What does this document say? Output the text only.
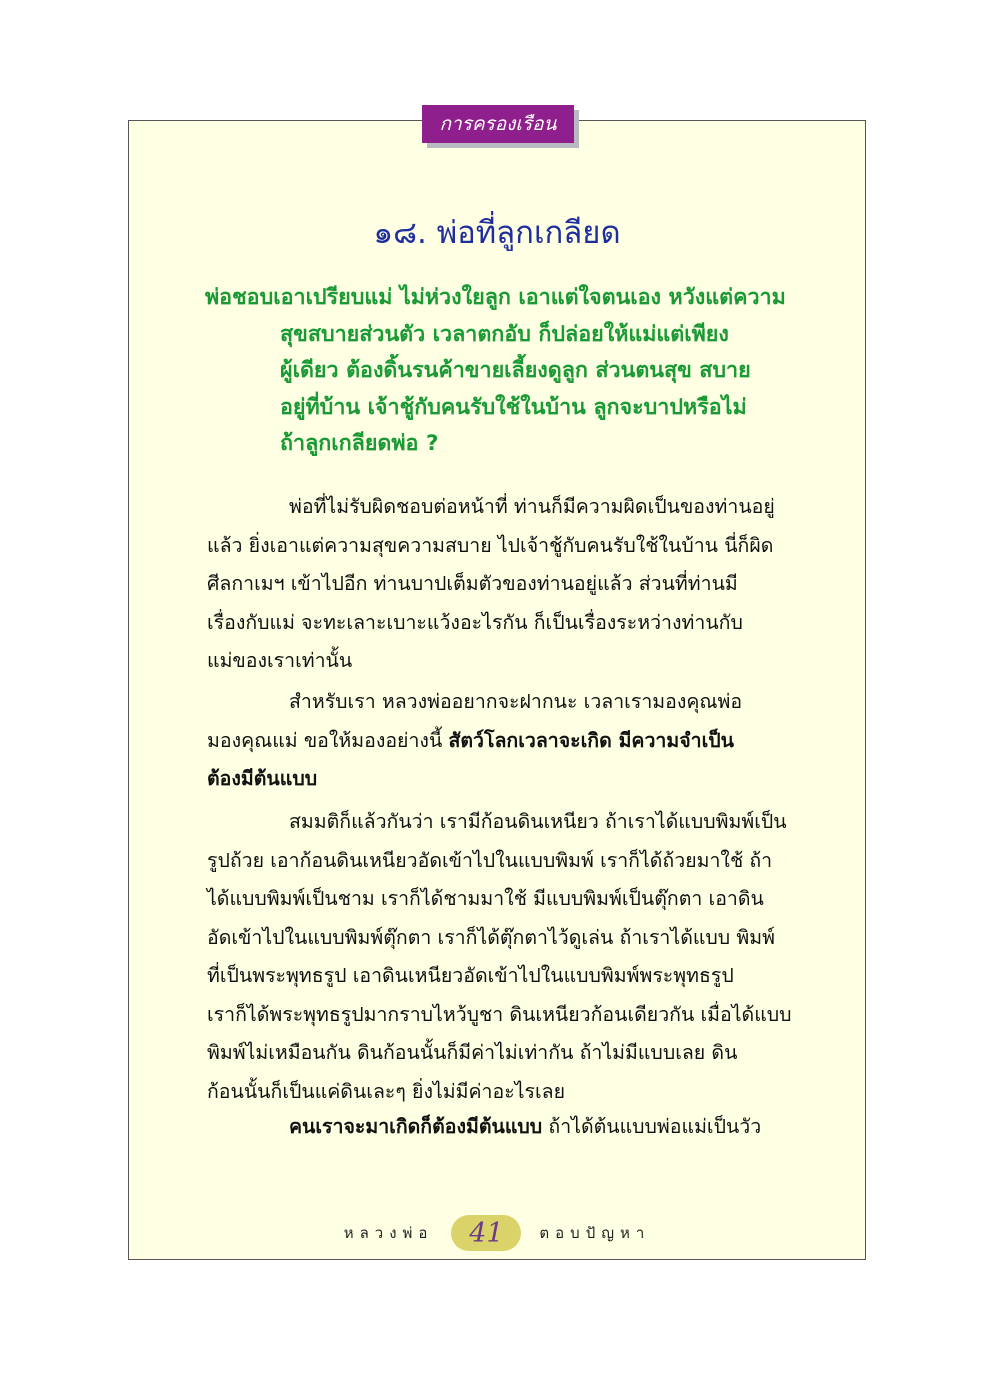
การครองเรือน
๑๘. พ่อที่ลูกเกลียด
พ่อชอบเอาเปรียบแม่ ไม่ห่วงใยลูก เอาแต่ใจตนเอง หวังแต่ความ
สุขสบายส่วนตัว เวลาตกอับ ก็ปล่อยให้แม่แต่เพียง
ผู้เดียว ต้องดิ้นรนค้าขายเลี้ยงดูลูก ส่วนตนสุข สบาย
อยู่ที่บ้าน เจ้าชู้กับคนรับใช้ในบ้าน ลูกจะบาปหรือไม่
ถ้าลูกเกลียดพ่อ ?
พ่อที่ไม่รับผิดชอบต่อหน้าที่ ท่านก็มีความผิดเป็นของท่านอยู่
แล้ว ยิ่งเอาแต่ความสุขความสบาย ไปเจ้าชู้กับคนรับใช้ในบ้าน นี่ก็ผิด
ศีลกาเมฯ เข้าไปอีก ท่านบาปเต็มตัวของท่านอยู่แล้ว ส่วนที่ท่านมี
เรื่องกับแม่ จะทะเลาะเบาะแว้งอะไรกัน ก็เป็นเรื่องระหว่างท่านกับ
แม่ของเราเท่านั้น
สำหรับเรา หลวงพ่ออยากจะฝากนะ เวลาเรามองคุณพ่อ
มองคุณแม่ ขอให้มองอย่างนี้ สัตว์โลกเวลาจะเกิด มีความจำเป็น
ต้องมีต้นแบบ
สมมติก็แล้วกันว่า เรามีก้อนดินเหนียว ถ้าเราได้แบบพิมพ์เป็น
รูปถ้วย เอาก้อนดินเหนียวอัดเข้าไปในแบบพิมพ์ เราก็ได้ถ้วยมาใช้ ถ้า
ได้แบบพิมพ์เป็นชาม เราก็ได้ชามมาใช้ มีแบบพิมพ์เป็นตุ๊กตา เอาดิน
อัดเข้าไปในแบบพิมพ์ตุ๊กตา เราก็ได้ตุ๊กตาไว้ดูเล่น ถ้าเราได้แบบ พิมพ์
ที่เป็นพระพุทธรูป เอาดินเหนียวอัดเข้าไปในแบบพิมพ์พระพุทธรูป
เราก็ได้พระพุทธรูปมากราบไหว้บูชา ดินเหนียวก้อนเดียวกัน เมื่อได้แบบ
พิมพ์ไม่เหมือนกัน ดินก้อนนั้นก็มีค่าไม่เท่ากัน ถ้าไม่มีแบบเลย ดิน
ก้อนนั้นก็เป็นแค่ดินเละๆ ยิ่งไม่มีค่าอะไรเลย
คนเราจะมาเกิดก็ต้องมีต้นแบบ ถ้าได้ต้นแบบพ่อแม่เป็นวัว
หลวงพ่อ	41	ตอบปัญหา
